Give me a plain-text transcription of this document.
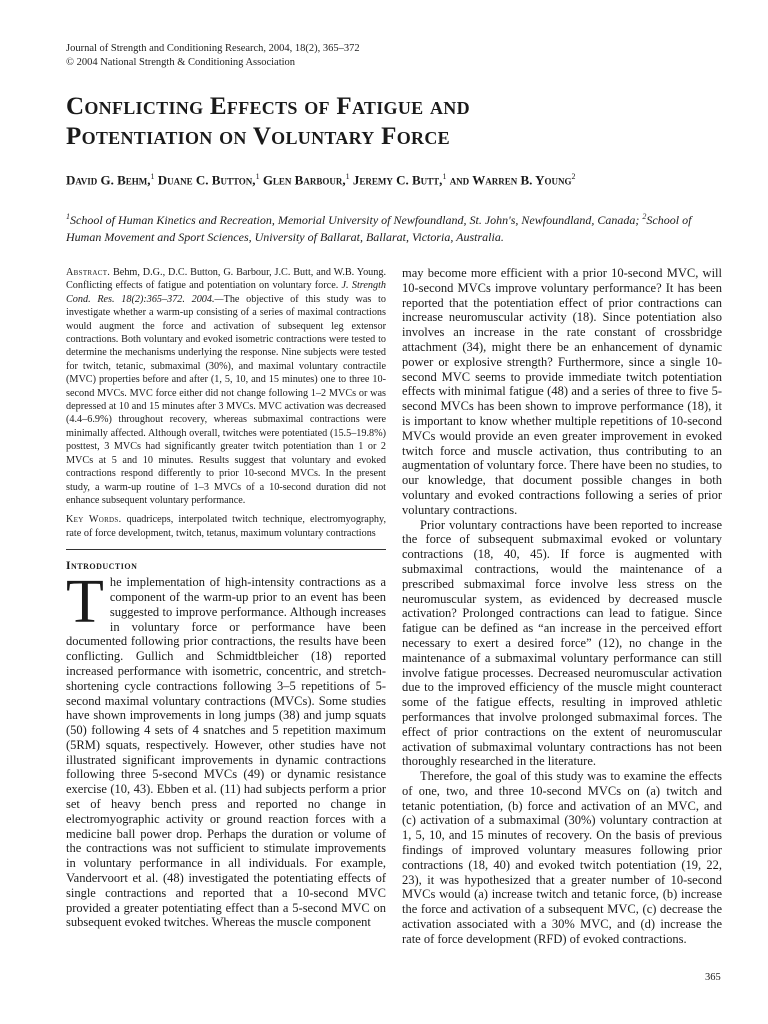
Journal of Strength and Conditioning Research, 2004, 18(2), 365–372
© 2004 National Strength & Conditioning Association
Conflicting Effects of Fatigue and
Potentiation on Voluntary Force
David G. Behm,$^1$ Duane C. Button,$^1$ Glen Barbour,$^1$ Jeremy C. Butt,$^1$ and Warren B. Young$^2$
$^1$School of Human Kinetics and Recreation, Memorial University of Newfoundland, St. John's, Newfoundland, Canada; $^2$School of Human Movement and Sport Sciences, University of Ballarat, Ballarat, Victoria, Australia.

Abstract. Behm, D.G., D.C. Button, G. Barbour, J.C. Butt, and W.B. Young. Conflicting effects of fatigue and potentiation on voluntary force. J. Strength Cond. Res. 18(2):365–372. 2004.—The objective of this study was to investigate whether a warm-up consisting of a series of maximal contractions would augment the force and activation of subsequent leg extensor contractions. Both voluntary and evoked isometric contractions were tested to determine the mechanisms underlying the response. Nine subjects were tested for twitch, tetanic, submaximal (30%), and maximal voluntary contractile (MVC) properties before and after (1, 5, 10, and 15 minutes) one to three 10-second MVCs. MVC force either did not change following 1–2 MVCs or was depressed at 10 and 15 minutes after 3 MVCs. MVC activation was decreased (4.4–6.9%) throughout recovery, whereas submaximal contractions were minimally affected. Although overall, twitches were potentiated (15.5–19.8%) posttest, 3 MVCs had significantly greater twitch potentiation than 1 or 2 MVCs at 5 and 10 minutes. Results suggest that voluntary and evoked contractions respond differently to prior 10-second MVCs. In the present study, a warm-up routine of 1–3 MVCs of a 10-second duration did not enhance subsequent voluntary performance.

Key Words. quadriceps, interpolated twitch technique, electromyography, rate of force development, twitch, tetanus, maximum voluntary contractions

Introduction

The implementation of high-intensity contractions as a component of the warm-up prior to an event has been suggested to improve performance. Although increases in voluntary force or performance have been documented following prior contractions, the results have been conflicting. Gullich and Schmidtbleicher (18) reported increased performance with isometric, concentric, and stretch-shortening cycle contractions following 3–5 repetitions of 5-second maximal voluntary contractions (MVCs). Some studies have shown improvements in long jumps (38) and jump squats (50) following 4 sets of 4 snatches and 5 repetition maximum (5RM) squats, respectively. However, other studies have not illustrated significant improvements in dynamic contractions following three 5-second MVCs (49) or dynamic resistance exercise (10, 43). Ebben et al. (11) had subjects perform a prior set of heavy bench press and reported no change in electromyographic activity or ground reaction forces with a medicine ball power drop. Perhaps the duration or volume of the contractions was not sufficient to stimulate improvements in voluntary performance in all individuals. For example, Vandervoort et al. (48) investigated the potentiating effects of single contractions and reported that a 10-second MVC provided a greater potentiating effect than a 5-second MVC on subsequent evoked twitches. Whereas the muscle component

may become more efficient with a prior 10-second MVC, will 10-second MVCs improve voluntary performance? It has been reported that the potentiation effect of prior contractions can increase neuromuscular activity (18). Since potentiation also involves an increase in the rate constant of crossbridge attachment (34), might there be an enhancement of dynamic power or explosive strength? Furthermore, since a single 10-second MVC seems to provide immediate twitch potentiation effects with minimal fatigue (48) and a series of three to five 5-second MVCs has been shown to improve performance (18), it is important to know whether multiple repetitions of 10-second MVCs would provide an even greater improvement in evoked twitch force and muscle activation, thus contributing to an augmentation of voluntary force. There have been no studies, to our knowledge, that document possible changes in both voluntary and evoked contractions following a series of prior voluntary contractions.

Prior voluntary contractions have been reported to increase the force of subsequent submaximal evoked or voluntary contractions (18, 40, 45). If force is augmented with submaximal contractions, would the maintenance of a prescribed submaximal force involve less stress on the neuromuscular system, as evidenced by decreased muscle activation? Prolonged contractions can lead to fatigue. Since fatigue can be defined as “an increase in the perceived effort necessary to exert a desired force” (12), no change in the maintenance of a submaximal voluntary performance can still involve fatigue processes. Decreased neuromuscular activation due to the improved efficiency of the muscle might counteract some of the fatigue effects, resulting in improved athletic performances that involve prolonged submaximal forces. The effect of prior contractions on the extent of neuromuscular activation of submaximal voluntary contractions has not been thoroughly researched in the literature.

Therefore, the goal of this study was to examine the effects of one, two, and three 10-second MVCs on (a) twitch and tetanic potentiation, (b) force and activation of an MVC, and (c) activation of a submaximal (30%) voluntary contraction at 1, 5, 10, and 15 minutes of recovery. On the basis of previous findings of improved voluntary measures following prior contractions (18, 40) and evoked twitch potentiation (19, 22, 23), it was hypothesized that a greater number of 10-second MVCs would (a) increase twitch and tetanic force, (b) increase the force and activation of a subsequent MVC, (c) decrease the activation associated with a 30% MVC, and (d) increase the rate of force development (RFD) of evoked contractions.

365
